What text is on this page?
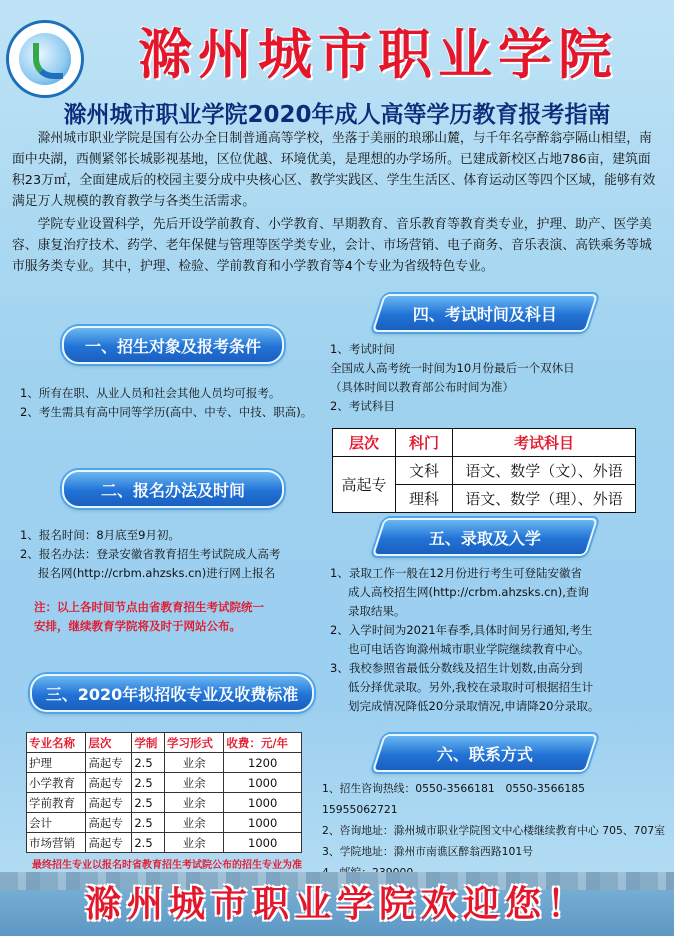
滁州城市职业学院
滁州城市职业学院2020年成人高等学历教育报考指南

滁州城市职业学院是国有公办全日制普通高等学校，坐落于美丽的琅琊山麓，与千年名亭醉翁亭隔山相望，南面中央湖，西侧紧邻长城影视基地，区位优越、环境优美，是理想的办学场所。已建成新校区占地786亩，建筑面积23万㎡，全面建成后的校园主要分成中央核心区、教学实践区、学生生活区、体育运动区等四个区域，能够有效满足万人规模的教育教学与各类生活需求。

学院专业设置科学，先后开设学前教育、小学教育、早期教育、音乐教育等教育类专业，护理、助产、医学美容、康复治疗技术、药学、老年保健与管理等医学类专业，会计、市场营销、电子商务、音乐表演、高铁乘务等城市服务类专业。其中，护理、检验、学前教育和小学教育等4个专业为省级特色专业。

一、招生对象及报考条件
1、所有在职、从业人员和社会其他人员均可报考。
2、考生需具有高中同等学历(高中、中专、中技、职高)。
二、报名办法及时间
1、报名时间：8月底至9月初。
2、报名办法：登录安徽省教育招生考试院成人高考
报名网(http://crbm.ahzsks.cn)进行网上报名
注：以上各时间节点由省教育招生考试院统一
安排，继续教育学院将及时于网站公布。
三、2020年拟招收专业及收费标准
专业名称	层次	学制	学习形式	收费：元/年
护理	高起专	2.5	业余	1200
小学教育	高起专	2.5	业余	1000
学前教育	高起专	2.5	业余	1000
会计	高起专	2.5	业余	1000
市场营销	高起专	2.5	业余	1000
四、考试时间及科目
1、考试时间
全国成人高考统一时间为10月份最后一个双休日
（具体时间以教育部公布时间为准）
2、考试科目
层次	科门	考试科目
高起专	文科	语文、数学（文）、外语
	理科	语文、数学（理）、外语
五、录取及入学
1、录取工作一般在12月份进行考生可登陆安徽省
成人高校招生网(http://crbm.ahzsks.cn),查询
录取结果。
2、入学时间为2021年春季,具体时间另行通知,考生
也可电话咨询滁州城市职业学院继续教育中心。
3、我校参照省最低分数线及招生计划数,由高分到
低分择优录取。另外,我校在录取时可根据招生计
划完成情况降低20分录取情况,申请降20分录取。
六、联系方式
1、招生咨询热线：0550-3566181　0550-3566185　15955062721
2、咨询地址：滁州城市职业学院图文中心楼继续教育中心 705、707室
3、学院地址：滁州市南谯区醉翁西路101号
最终招生专业以报名时省教育招生考试院公布的招生专业为准
滁州城市职业学院欢迎您！
